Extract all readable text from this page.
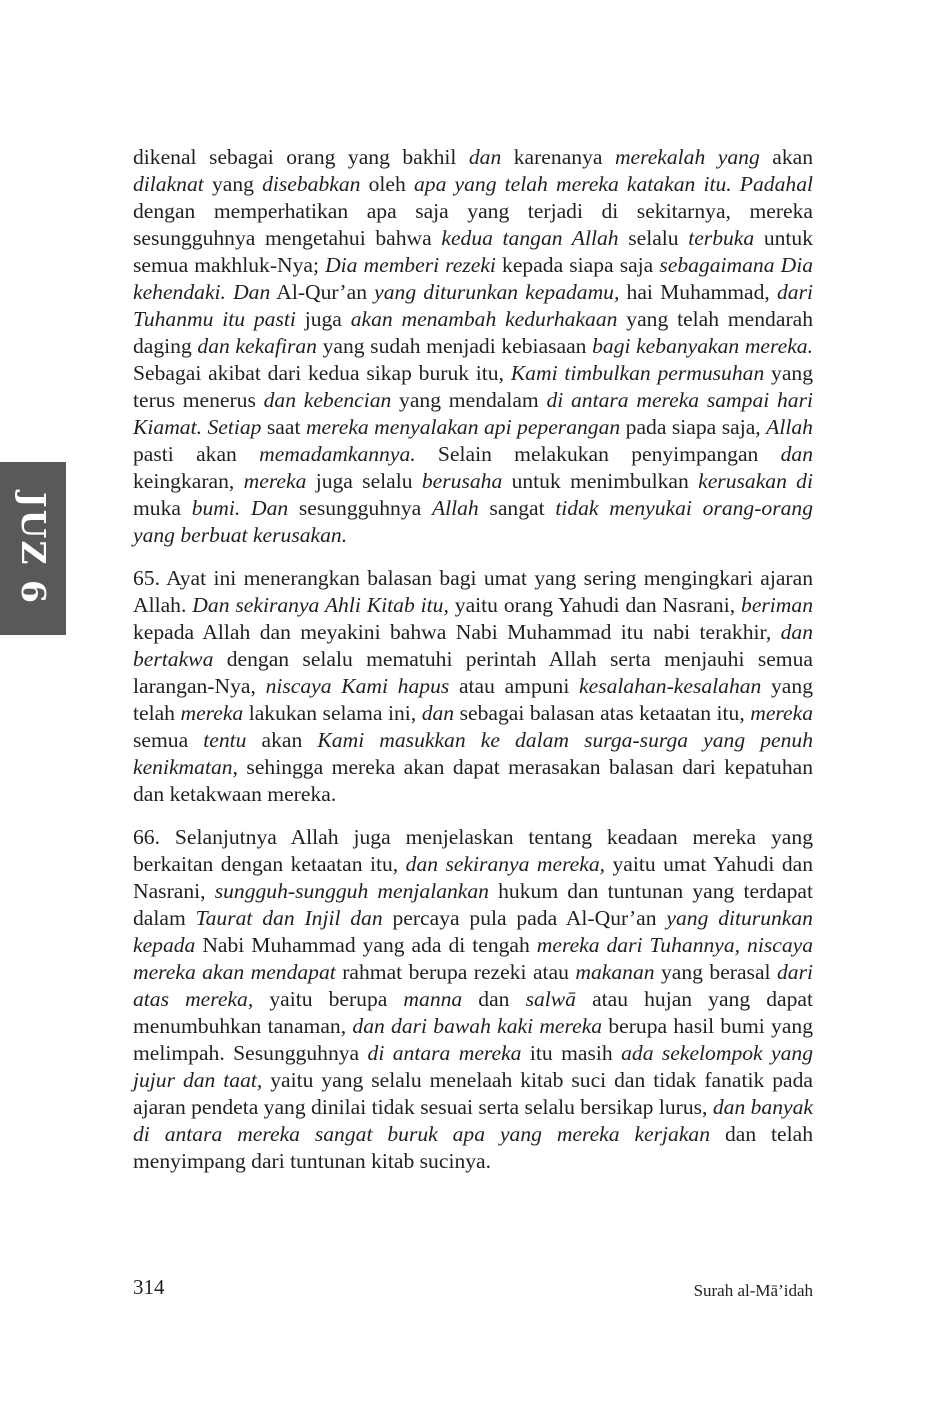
JUZ 6

dikenal sebagai orang yang bakhil dan karenanya merekalah yang akan dilaknat yang disebabkan oleh apa yang telah mereka katakan itu. Padahal dengan memperhatikan apa saja yang terjadi di sekitarnya, mereka sesungguhnya mengetahui bahwa kedua tangan Allah selalu terbuka untuk semua makhluk-Nya; Dia memberi rezeki kepada siapa saja sebagaimana Dia kehendaki. Dan Al-Qur’an yang diturunkan kepadamu, hai Muhammad, dari Tuhanmu itu pasti juga akan menambah kedurhakaan yang telah mendarah daging dan kekafiran yang sudah menjadi kebiasaan bagi kebanyakan mereka. Sebagai akibat dari kedua sikap buruk itu, Kami timbulkan permusuhan yang terus menerus dan kebencian yang mendalam di antara mereka sampai hari Kiamat. Setiap saat mereka menyalakan api peperangan pada siapa saja, Allah pasti akan memadamkannya. Selain melakukan penyimpangan dan keingkaran, mereka juga selalu berusaha untuk menimbulkan kerusakan di muka bumi. Dan sesungguhnya Allah sangat tidak menyukai orang-orang yang berbuat kerusakan.

65. Ayat ini menerangkan balasan bagi umat yang sering mengingkari ajaran Allah. Dan sekiranya Ahli Kitab itu, yaitu orang Yahudi dan Nasrani, beriman kepada Allah dan meyakini bahwa Nabi Muhammad itu nabi terakhir, dan bertakwa dengan selalu mematuhi perintah Allah serta menjauhi semua larangan-Nya, niscaya Kami hapus atau ampuni kesalahan-kesalahan yang telah mereka lakukan selama ini, dan sebagai balasan atas ketaatan itu, mereka semua tentu akan Kami masukkan ke dalam surga-surga yang penuh kenikmatan, sehingga mereka akan dapat merasakan balasan dari kepatuhan dan ketakwaan mereka.

66. Selanjutnya Allah juga menjelaskan tentang keadaan mereka yang berkaitan dengan ketaatan itu, dan sekiranya mereka, yaitu umat Yahudi dan Nasrani, sungguh-sungguh menjalankan hukum dan tuntunan yang terdapat dalam Taurat dan Injil dan percaya pula pada Al-Qur’an yang diturunkan kepada Nabi Muhammad yang ada di tengah mereka dari Tuhannya, niscaya mereka akan mendapat rahmat berupa rezeki atau makanan yang berasal dari atas mereka, yaitu berupa manna dan salwā atau hujan yang dapat menumbuhkan tanaman, dan dari bawah kaki mereka berupa hasil bumi yang melimpah. Sesungguhnya di antara mereka itu masih ada sekelompok yang jujur dan taat, yaitu yang selalu menelaah kitab suci dan tidak fanatik pada ajaran pendeta yang dinilai tidak sesuai serta selalu bersikap lurus, dan banyak di antara mereka sangat buruk apa yang mereka kerjakan dan telah menyimpang dari tuntunan kitab sucinya.

314	Surah al-Mā’idah
